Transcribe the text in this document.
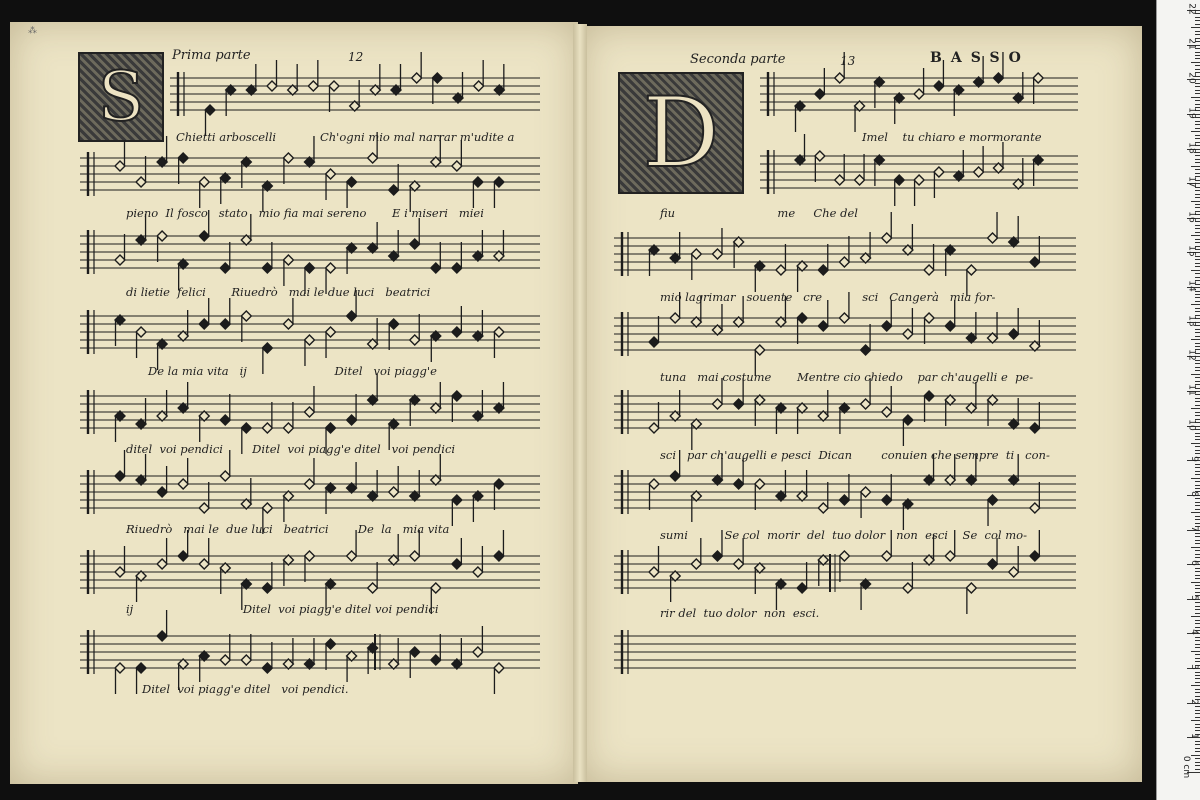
⁂
S	D
Prima parte	12	Seconda parte	13	BASSO
Chietti arboscelli            Ch'ogni mio mal narrar m'udite a
pieno  Il fosco   stato   mio fia mai sereno       E i miseri   miei
di lietie  felici       Riuedrò   mai le due luci   beatrici
De la mia vita   ij                        Ditel   voi piagg'e
ditel  voi pendici        Ditel  voi piagg'e ditel   voi pendici
Riuedrò   mai le  due luci   beatrici        De  la   mia vita
ij                              Ditel  voi piagg'e ditel voi pendici
Ditel  voi piagg'e ditel   voi pendici.
Imel    tu chiaro e mormorante
fiu                            me     Che del
mio lagrimar   souente   cre           sci   Cangerà   mia for-
tuna   mai costume       Mentre cio chiedo    par ch'augelli e  pe-
sci   par ch'augelli e pesci  Dican        conuien che sempre  ti   con-
sumi          Se col  morir  del  tuo dolor   non  esci    Se  col mo-
rir del  tuo dolor  non  esci.
1
2
3
4
5
6
7
8
9
10
11
12
13
14
15
16
17
18
19
20
21
22
0 cm
